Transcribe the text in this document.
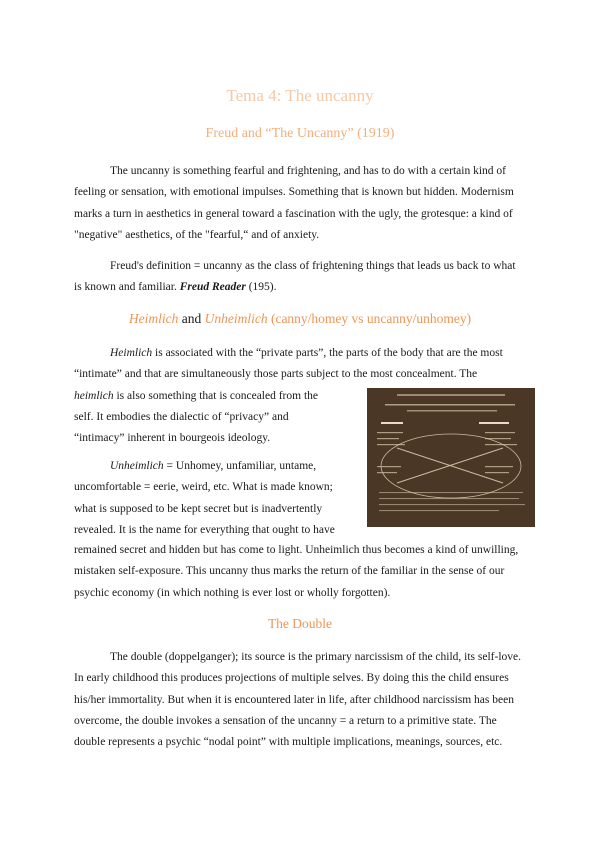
Tema 4: The uncanny
Freud and “The Uncanny” (1919)

The uncanny is something fearful and frightening, and has to do with a certain kind of feeling or sensation, with emotional impulses. Something that is known but hidden. Modernism marks a turn in aesthetics in general toward a fascination with the ugly, the grotesque: a kind of "negative" aesthetics, of the "fearful,“ and of anxiety.

Freud's definition = uncanny as the class of frightening things that leads us back to what is known and familiar. Freud Reader (195).

Heimlich and Unheimlich (canny/homey vs uncanny/unhomey)

Heimlich is associated with the “private parts”, the parts of the body that are the most “intimate” and that are simultaneously those parts subject to the most concealment. The
heimlich is also something that is concealed from the self. It embodies the dialectic of “privacy” and “intimacy” inherent in bourgeois ideology.

Unheimlich = Unhomey, unfamiliar, untame, uncomfortable = eerie, weird, etc. What is made known; what is supposed to be kept secret but is inadvertently revealed. It is the name for everything that ought to have

remained secret and hidden but has come to light. Unheimlich thus becomes a kind of unwilling, mistaken self-exposure. This uncanny thus marks the return of the familiar in the sense of our psychic economy (in which nothing is ever lost or wholly forgotten).

The Double

The double (doppelganger); its source is the primary narcissism of the child, its self-love. In early childhood this produces projections of multiple selves. By doing this the child ensures his/her immortality. But when it is encountered later in life, after childhood narcissism has been overcome, the double invokes a sensation of the uncanny = a return to a primitive state. The double represents a psychic “nodal point” with multiple implications, meanings, sources, etc.
